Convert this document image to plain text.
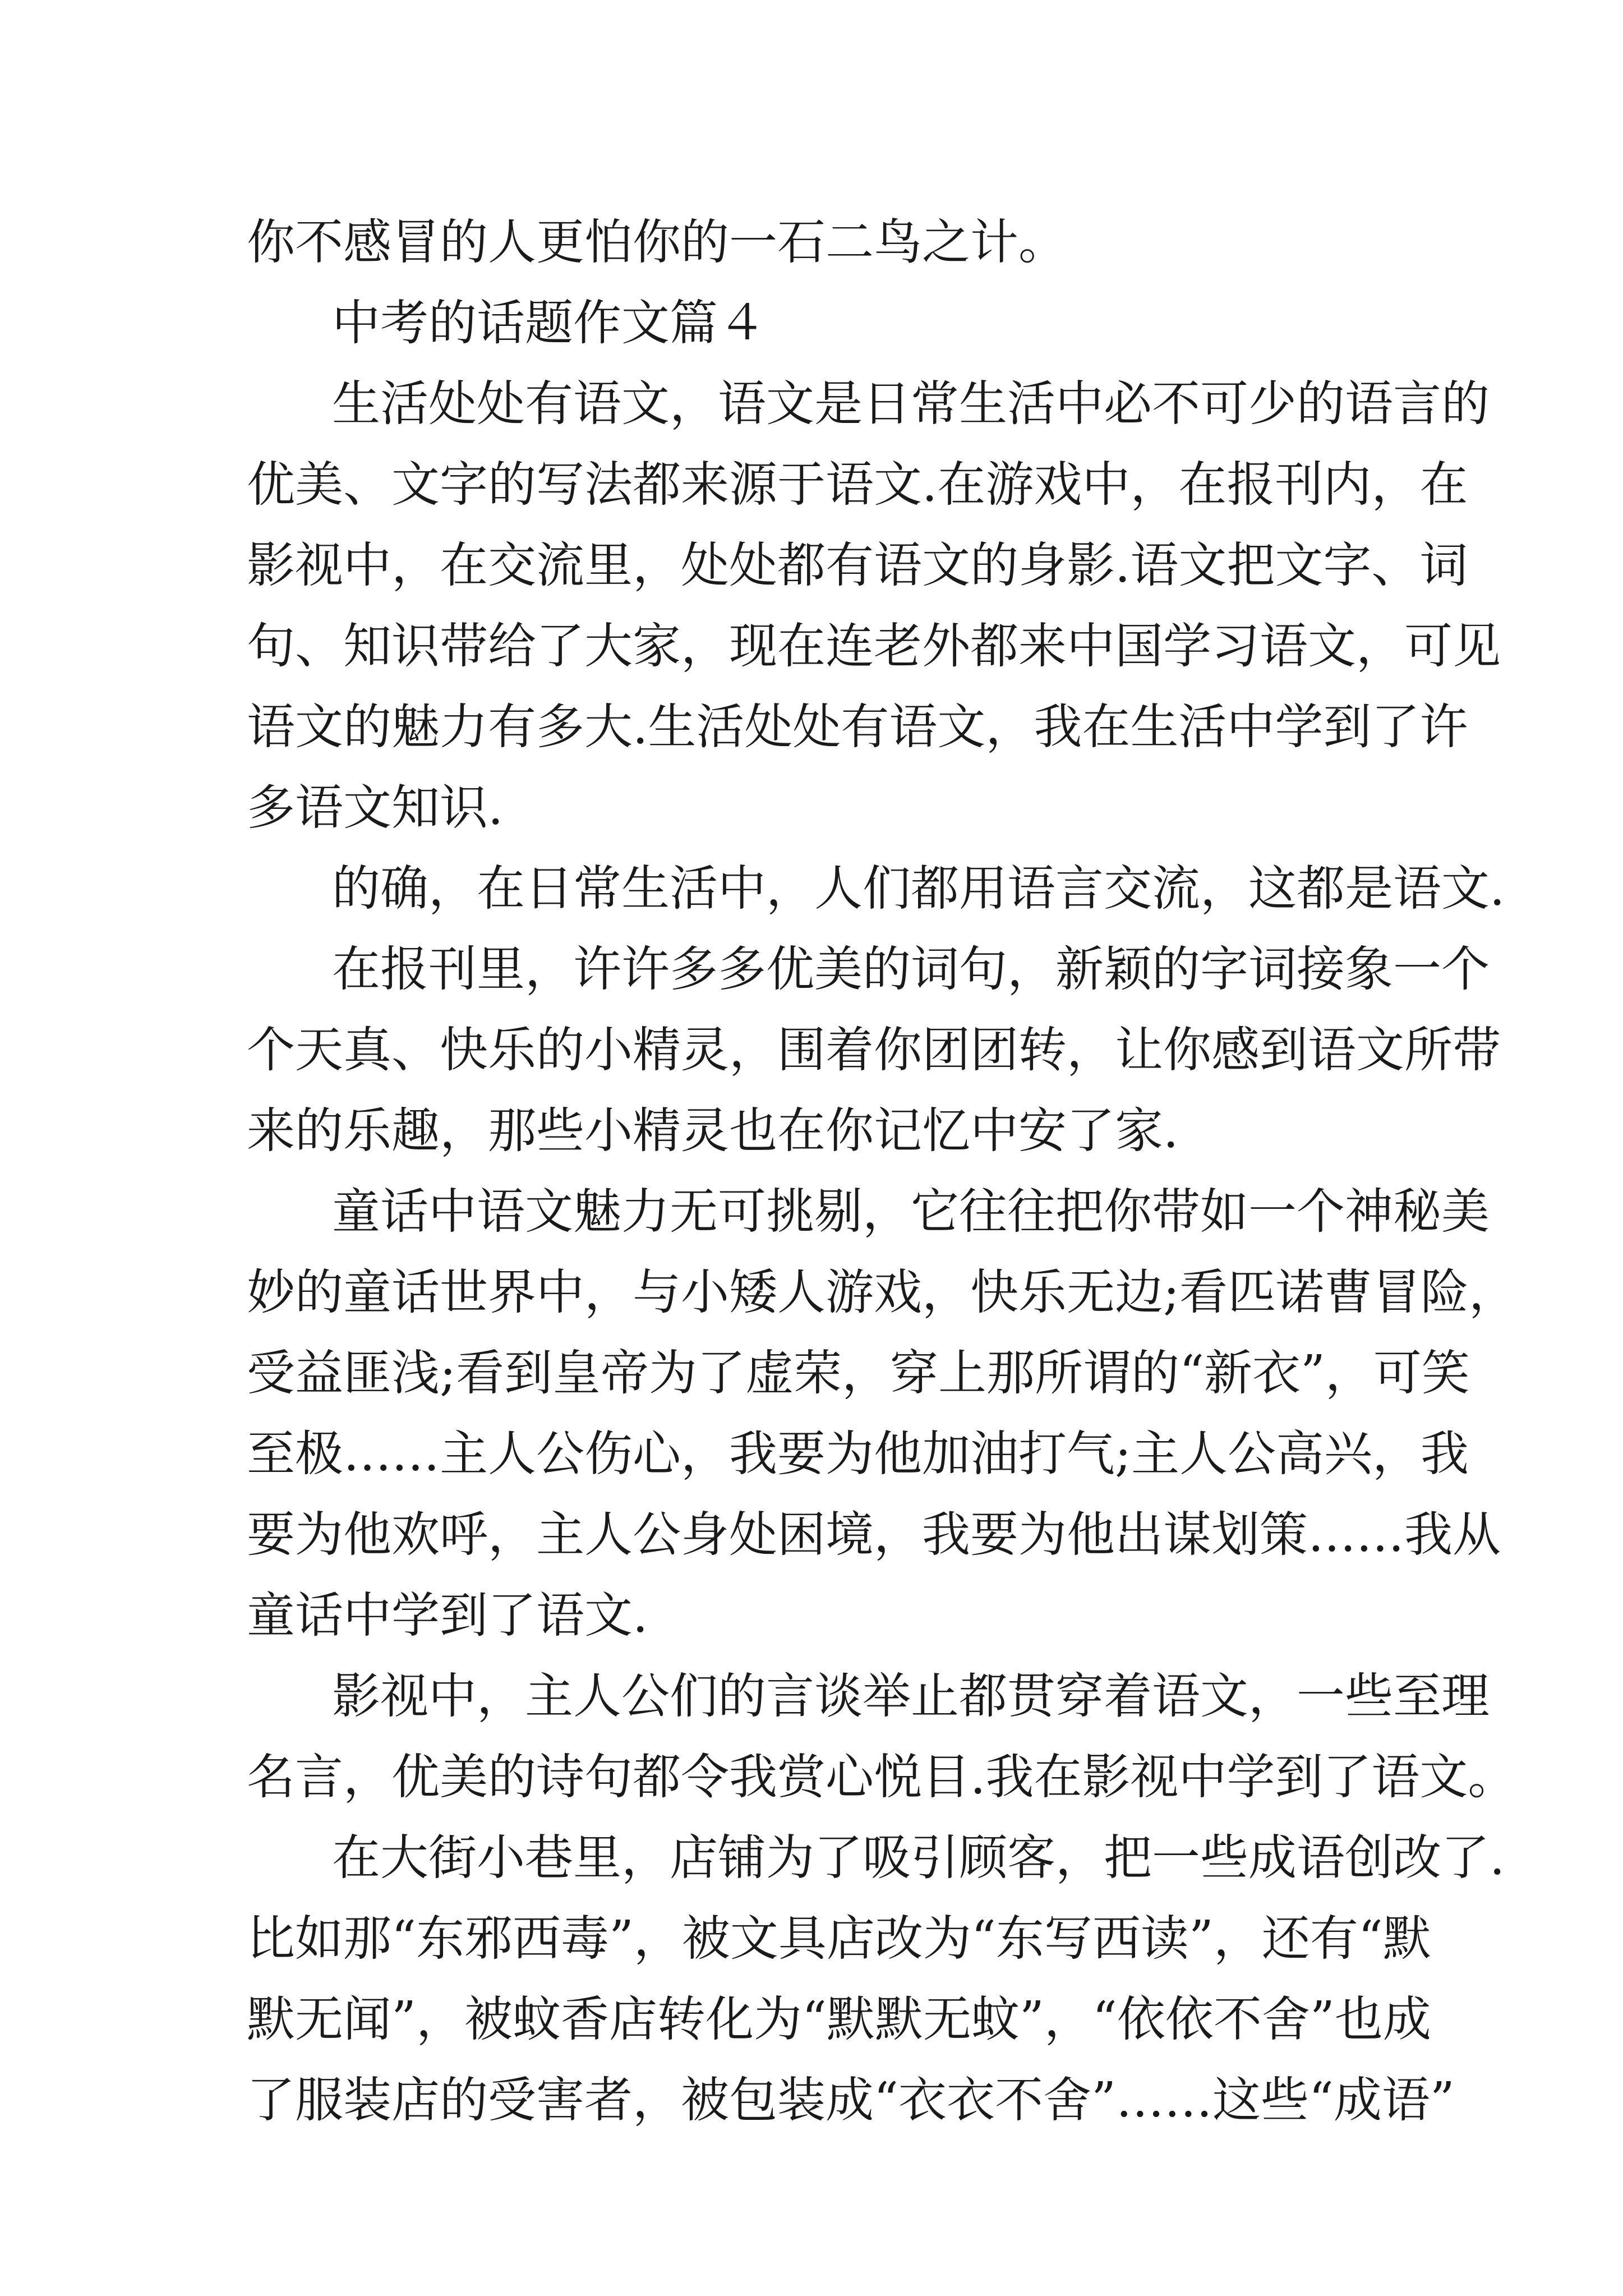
你不感冒的人更怕你的一石二鸟之计。
中考的话题作文篇４
生活处处有语文，语文是日常生活中必不可少的语言的
优美、文字的写法都来源于语文.在游戏中，在报刊内，在
影视中，在交流里，处处都有语文的身影.语文把文字、词
句、知识带给了大家，现在连老外都来中国学习语文，可见
语文的魅力有多大.生活处处有语文，我在生活中学到了许
多语文知识.
的确，在日常生活中，人们都用语言交流，这都是语文.
在报刊里，许许多多优美的词句，新颖的字词接象一个
个天真、快乐的小精灵，围着你团团转，让你感到语文所带
来的乐趣，那些小精灵也在你记忆中安了家.
童话中语文魅力无可挑剔，它往往把你带如一个神秘美
妙的童话世界中，与小矮人游戏，快乐无边;看匹诺曹冒险，
受益匪浅;看到皇帝为了虚荣，穿上那所谓的“新衣”，可笑
至极……主人公伤心，我要为他加油打气;主人公高兴，我
要为他欢呼，主人公身处困境，我要为他出谋划策……我从
童话中学到了语文.
影视中，主人公们的言谈举止都贯穿着语文，一些至理
名言，优美的诗句都令我赏心悦目.我在影视中学到了语文。
在大街小巷里，店铺为了吸引顾客，把一些成语创改了.
比如那“东邪西毒”，被文具店改为“东写西读”，还有“默
默无闻”，被蚊香店转化为“默默无蚊”，“依依不舍”也成
了服装店的受害者，被包装成“衣衣不舍”……这些“成语”
